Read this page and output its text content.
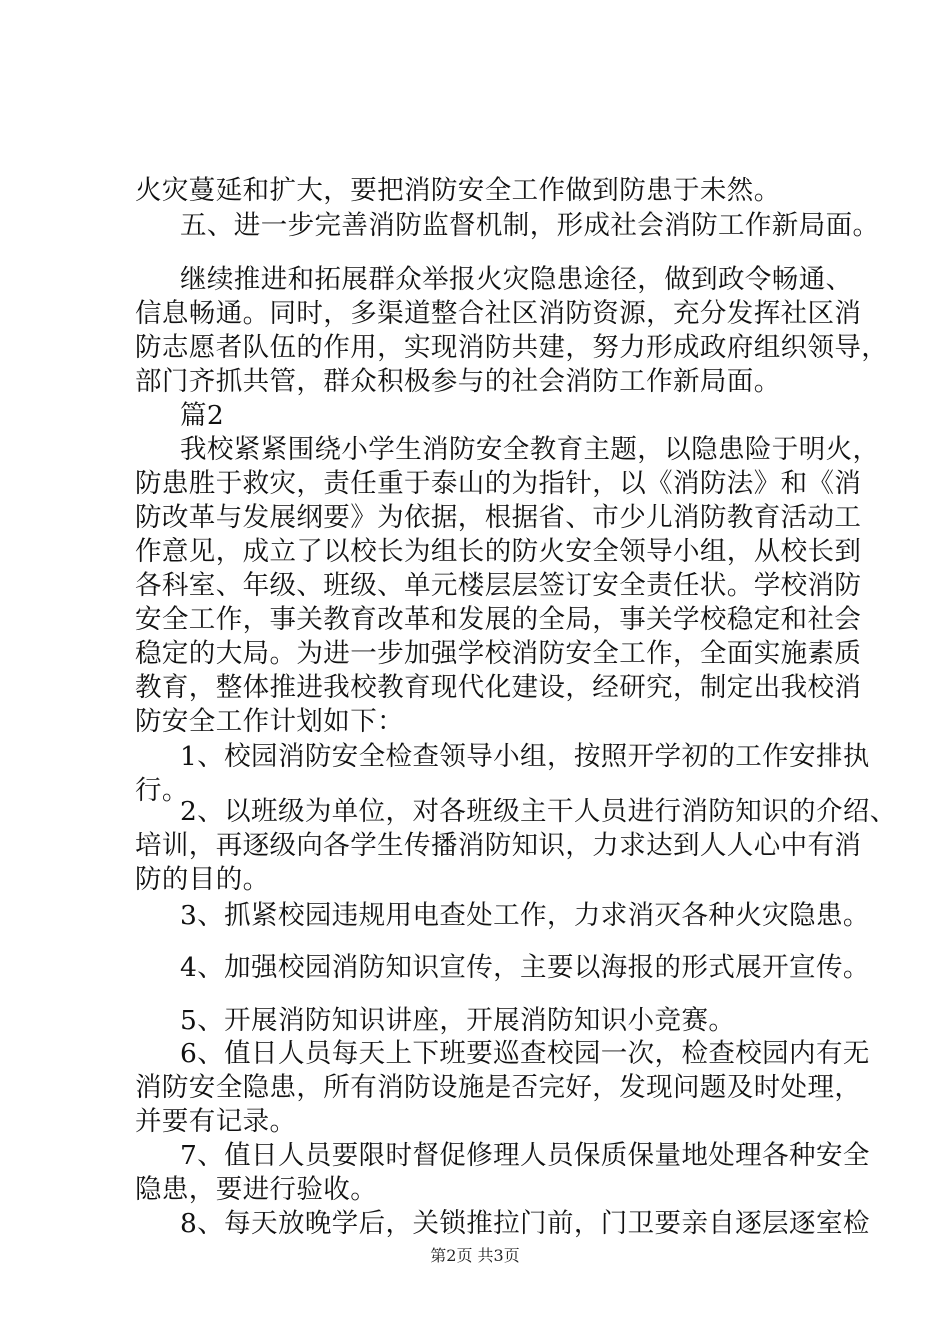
火灾蔓延和扩大，要把消防安全工作做到防患于未然。
五、进一步完善消防监督机制，形成社会消防工作新局面。
继续推进和拓展群众举报火灾隐患途径，做到政令畅通、
信息畅通。同时，多渠道整合社区消防资源，充分发挥社区消
防志愿者队伍的作用，实现消防共建，努力形成政府组织领导，
部门齐抓共管，群众积极参与的社会消防工作新局面。
篇2
我校紧紧围绕小学生消防安全教育主题，以隐患险于明火，
防患胜于救灾，责任重于泰山的为指针，以《消防法》和《消
防改革与发展纲要》为依据，根据省、市少儿消防教育活动工
作意见，成立了以校长为组长的防火安全领导小组，从校长到
各科室、年级、班级、单元楼层层签订安全责任状。学校消防
安全工作，事关教育改革和发展的全局，事关学校稳定和社会
稳定的大局。为进一步加强学校消防安全工作，全面实施素质
教育，整体推进我校教育现代化建设，经研究，制定出我校消
防安全工作计划如下：
1、校园消防安全检查领导小组，按照开学初的工作安排执
行。
2、以班级为单位，对各班级主干人员进行消防知识的介绍、
培训，再逐级向各学生传播消防知识，力求达到人人心中有消
防的目的。
3、抓紧校园违规用电查处工作，力求消灭各种火灾隐患。
4、加强校园消防知识宣传，主要以海报的形式展开宣传。
5、开展消防知识讲座，开展消防知识小竞赛。
6、值日人员每天上下班要巡查校园一次，检查校园内有无
消防安全隐患，所有消防设施是否完好，发现问题及时处理，
并要有记录。
7、值日人员要限时督促修理人员保质保量地处理各种安全
隐患，要进行验收。
8、每天放晚学后，关锁推拉门前，门卫要亲自逐层逐室检
第2页 共3页
